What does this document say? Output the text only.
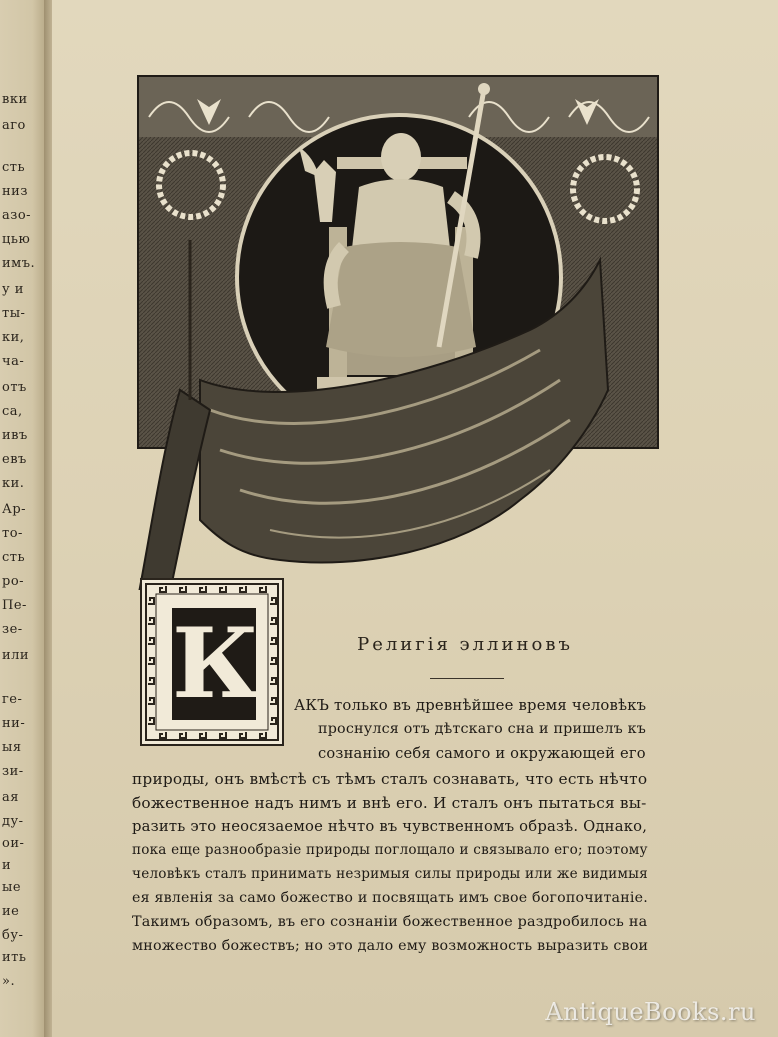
вки
аго
сть
низ
азо-
цью
имъ.
у и
ты-
ки,
ча-
отъ
са,
ивъ
евъ
ки.
Ар-
то-
сть
ро-
Пе-
зе-
или
ге-
ни-
ыя
зи-
ая
ду-
ои-
и
ые
ие
бу-
ить
».
К	Религія эллиновъ
АКЪ только въ древнѣйшее время человѣкъ
проснулся отъ дѣтскаго сна и пришелъ къ
сознанію себя самого и окружающей его
природы, онъ вмѣстѣ съ тѣмъ сталъ сознавать, что есть нѣчто
божественное надъ нимъ и внѣ его. И сталъ онъ пытаться вы-
разить это неосязаемое нѣчто въ чувственномъ образѣ. Однако,
пока еще разнообразіе природы поглощало и связывало его; поэтому
человѣкъ сталъ принимать незримыя силы природы или же видимыя
ея явленія за само божество и посвящать имъ свое богопочитаніе.
Такимъ образомъ, въ его сознаніи божественное раздробилось на
множество божествъ; но это дало ему возможность выразить свои
AntiqueBooks.ru
